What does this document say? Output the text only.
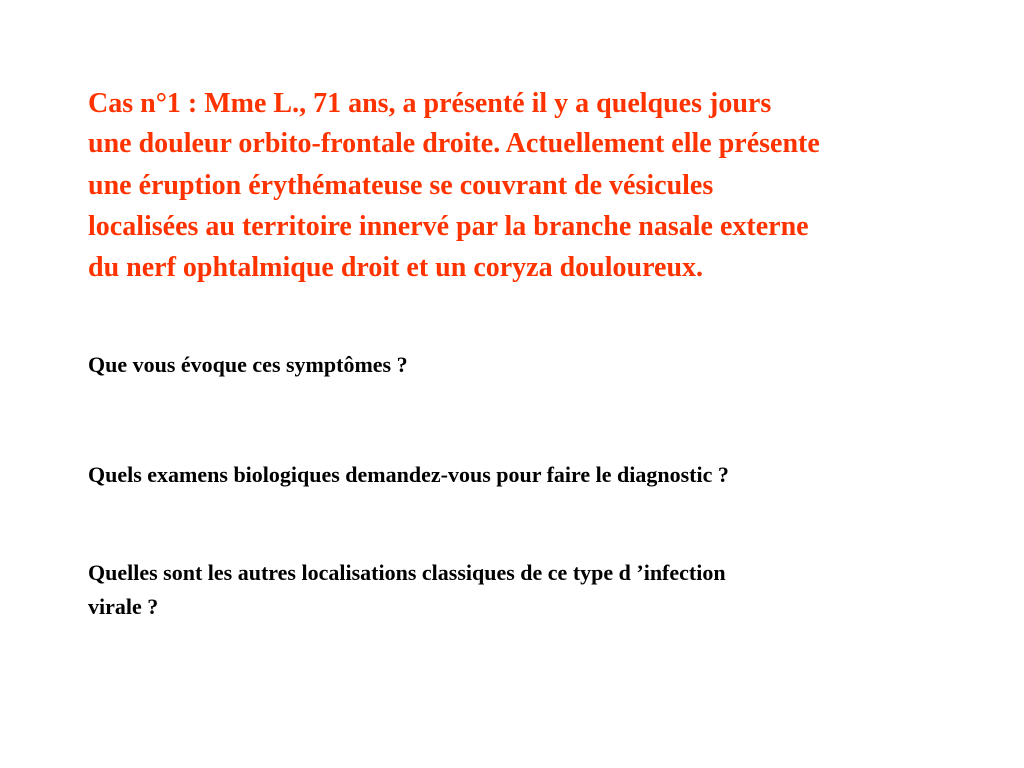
Cas n°1 : Mme L., 71 ans, a présenté il y a quelques jours

une douleur orbito-frontale droite. Actuellement elle présente

une éruption érythémateuse se couvrant de vésicules

localisées au territoire innervé par la branche nasale externe

du nerf ophtalmique droit et un coryza douloureux.

Que vous évoque ces symptômes ?

Quels examens biologiques demandez-vous pour faire le diagnostic ?

Quelles sont les autres localisations classiques de ce type d ’infection

virale ?
